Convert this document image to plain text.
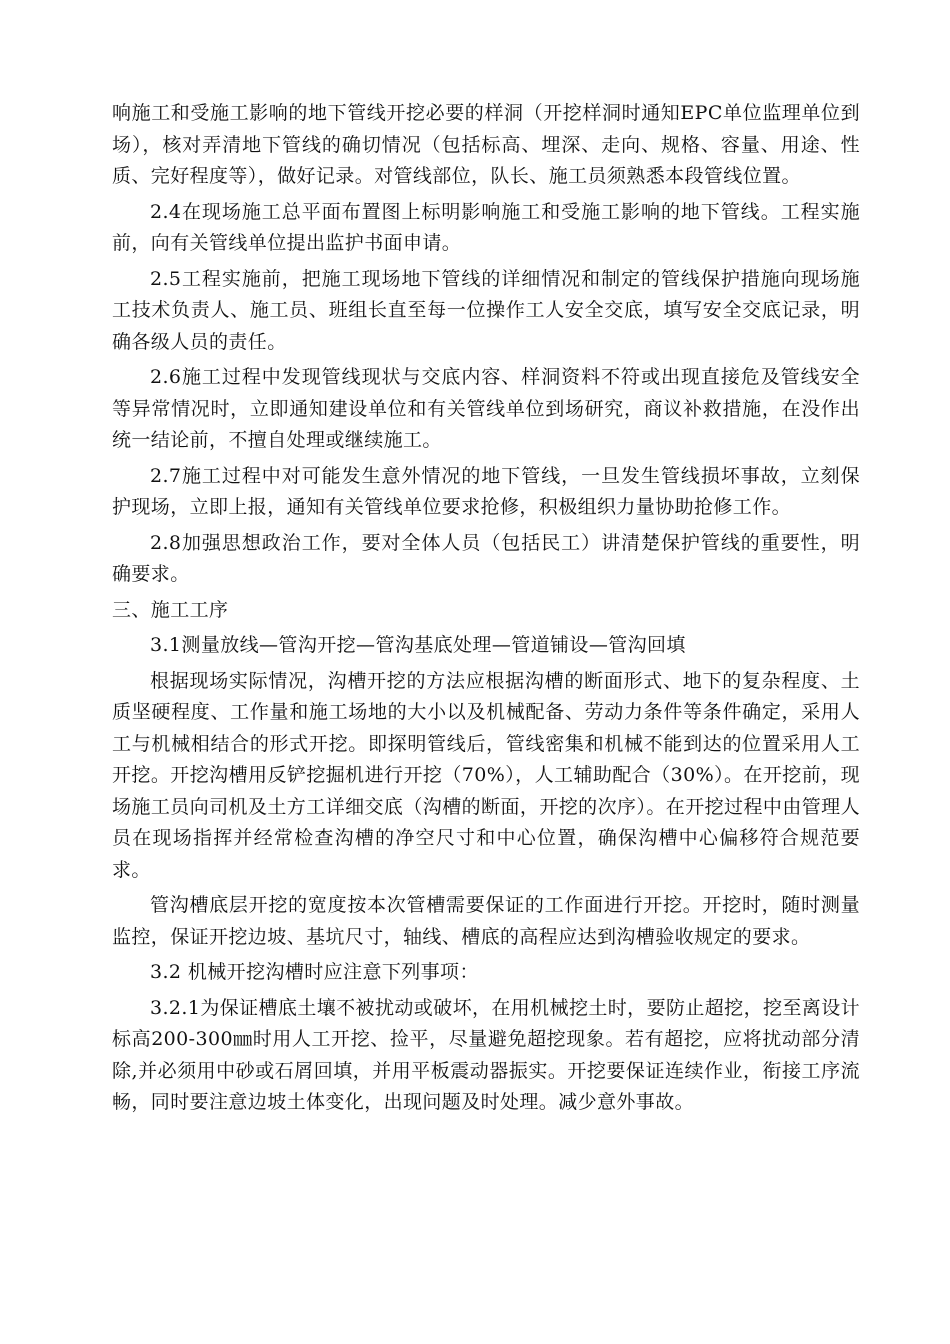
响施工和受施工影响的地下管线开挖必要的样洞（开挖样洞时通知EPC单位监理单位到场），核对弄清地下管线的确切情况（包括标高、埋深、走向、规格、容量、用途、性质、完好程度等），做好记录。对管线部位，队长、施工员须熟悉本段管线位置。

2.4在现场施工总平面布置图上标明影响施工和受施工影响的地下管线。工程实施前，向有关管线单位提出监护书面申请。

2.5工程实施前，把施工现场地下管线的详细情况和制定的管线保护措施向现场施工技术负责人、施工员、班组长直至每一位操作工人安全交底，填写安全交底记录，明确各级人员的责任。

2.6施工过程中发现管线现状与交底内容、样洞资料不符或出现直接危及管线安全等异常情况时，立即通知建设单位和有关管线单位到场研究，商议补救措施，在没作出统一结论前，不擅自处理或继续施工。

2.7施工过程中对可能发生意外情况的地下管线，一旦发生管线损坏事故，立刻保护现场，立即上报，通知有关管线单位要求抢修，积极组织力量协助抢修工作。

2.8加强思想政治工作，要对全体人员（包括民工）讲清楚保护管线的重要性，明确要求。

三、施工工序

3.1测量放线—管沟开挖—管沟基底处理—管道铺设—管沟回填

根据现场实际情况，沟槽开挖的方法应根据沟槽的断面形式、地下的复杂程度、土质坚硬程度、工作量和施工场地的大小以及机械配备、劳动力条件等条件确定，采用人工与机械相结合的形式开挖。即探明管线后，管线密集和机械不能到达的位置采用人工开挖。开挖沟槽用反铲挖掘机进行开挖（70%），人工辅助配合（30%）。在开挖前，现场施工员向司机及土方工详细交底（沟槽的断面，开挖的次序）。在开挖过程中由管理人员在现场指挥并经常检查沟槽的净空尺寸和中心位置，确保沟槽中心偏移符合规范要求。

管沟槽底层开挖的宽度按本次管槽需要保证的工作面进行开挖。开挖时，随时测量监控，保证开挖边坡、基坑尺寸，轴线、槽底的高程应达到沟槽验收规定的要求。

3.2 机械开挖沟槽时应注意下列事项：

3.2.1为保证槽底土壤不被扰动或破坏，在用机械挖土时，要防止超挖，挖至离设计标高200-300㎜时用人工开挖、捡平，尽量避免超挖现象。若有超挖，应将扰动部分清除,并必须用中砂或石屑回填，并用平板震动器振实。开挖要保证连续作业，衔接工序流畅，同时要注意边坡土体变化，出现问题及时处理。减少意外事故。
